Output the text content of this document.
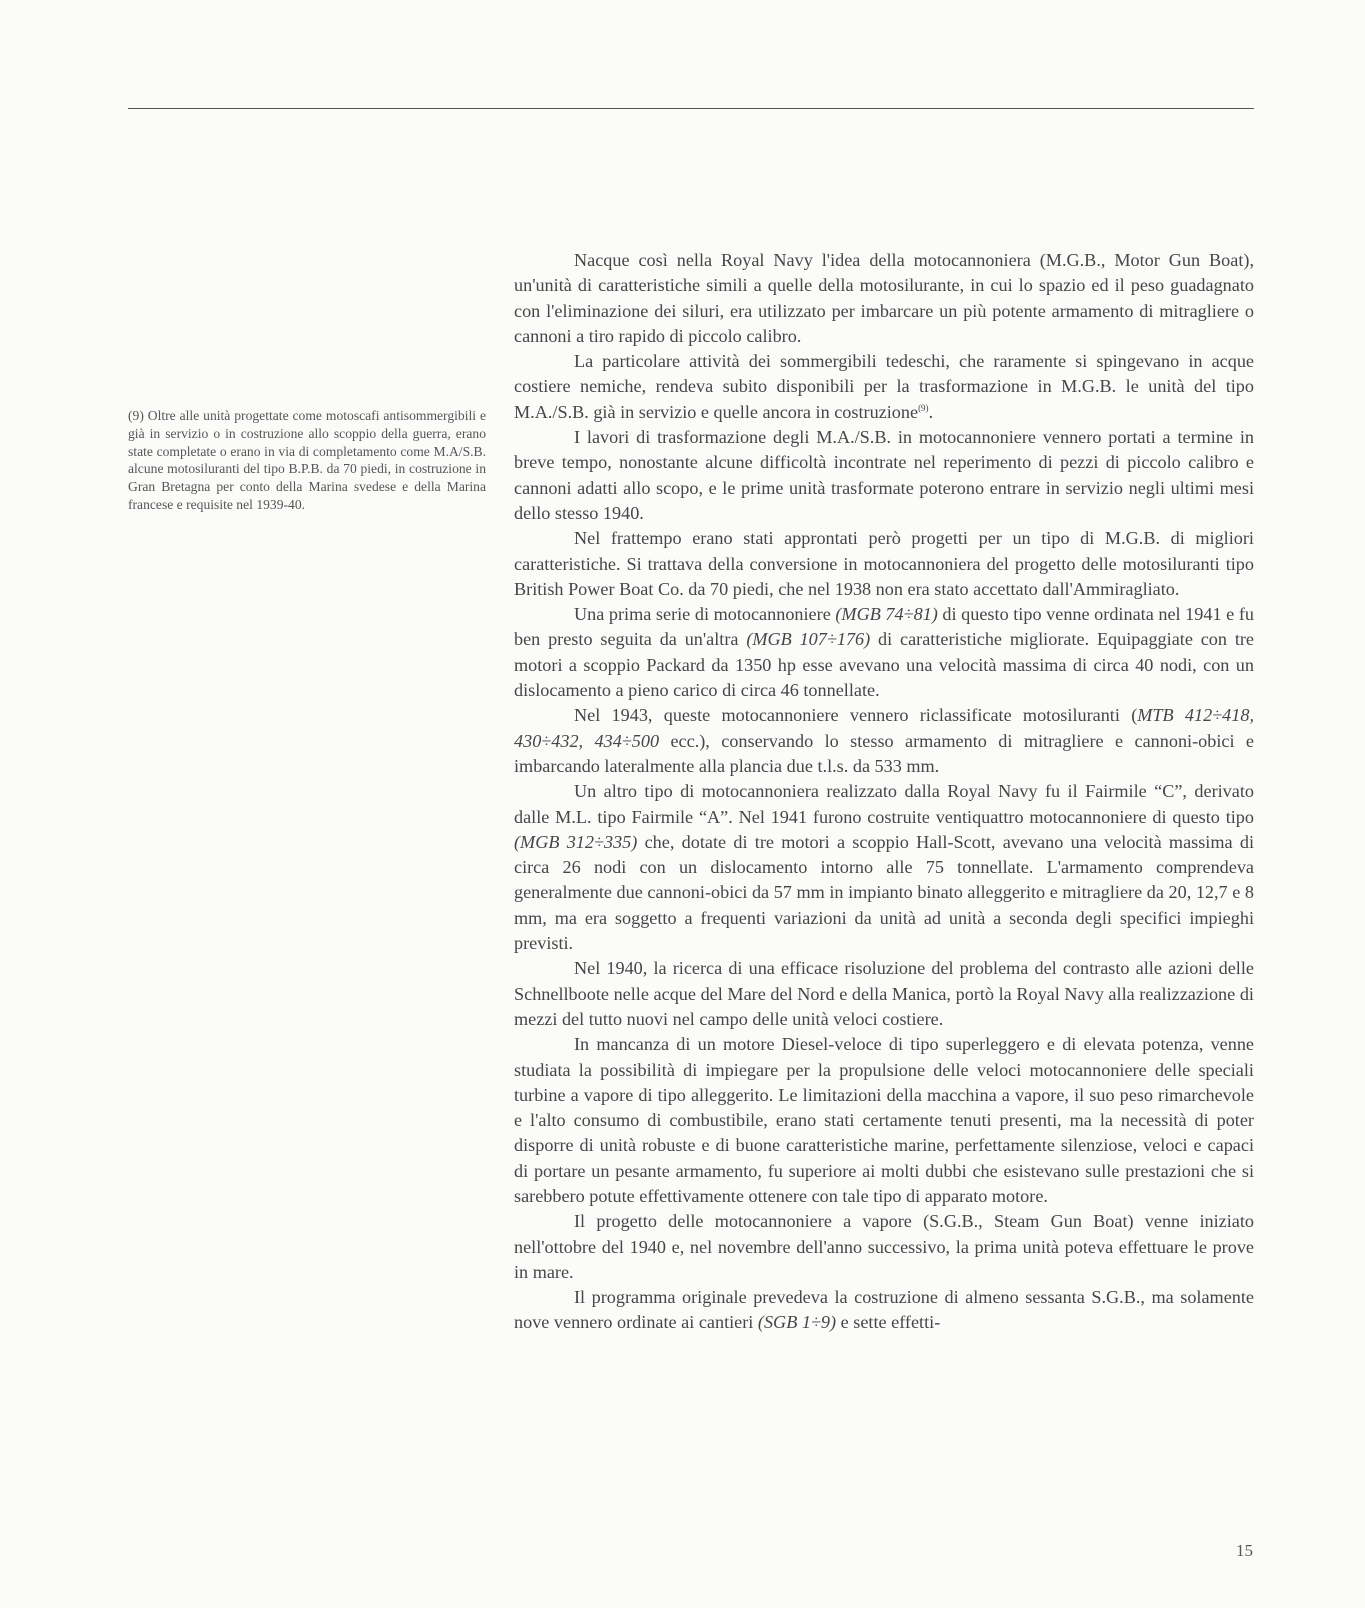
(9) Oltre alle unità progettate come motoscafi antisommergibili e già in servizio o in costruzione allo scoppio della guerra, erano state completate o erano in via di completamento come M.A/S.B. alcune motosiluranti del tipo B.P.B. da 70 piedi, in costruzione in Gran Bretagna per conto della Marina svedese e della Marina francese e requisite nel 1939-40.

Nacque così nella Royal Navy l'idea della motocannoniera (M.G.B., Motor Gun Boat), un'unità di caratteristiche simili a quelle della motosilurante, in cui lo spazio ed il peso guadagnato con l'eliminazione dei siluri, era utilizzato per imbarcare un più potente armamento di mitragliere o cannoni a tiro rapido di piccolo calibro.

La particolare attività dei sommergibili tedeschi, che raramente si spingevano in acque costiere nemiche, rendeva subito disponibili per la trasformazione in M.G.B. le unità del tipo M.A./S.B. già in servizio e quelle ancora in costruzione$^{(9)}$.

I lavori di trasformazione degli M.A./S.B. in motocannoniere vennero portati a termine in breve tempo, nonostante alcune difficoltà incontrate nel reperimento di pezzi di piccolo calibro e cannoni adatti allo scopo, e le prime unità trasformate poterono entrare in servizio negli ultimi mesi dello stesso 1940.

Nel frattempo erano stati approntati però progetti per un tipo di M.G.B. di migliori caratteristiche. Si trattava della conversione in motocannoniera del progetto delle motosiluranti tipo British Power Boat Co. da 70 piedi, che nel 1938 non era stato accettato dall'Ammiragliato.

Una prima serie di motocannoniere (MGB 74÷81) di questo tipo venne ordinata nel 1941 e fu ben presto seguita da un'altra (MGB 107÷176) di caratteristiche migliorate. Equipaggiate con tre motori a scoppio Packard da 1350 hp esse avevano una velocità massima di circa 40 nodi, con un dislocamento a pieno carico di circa 46 tonnellate.

Nel 1943, queste motocannoniere vennero riclassificate motosiluranti (MTB 412÷418, 430÷432, 434÷500 ecc.), conservando lo stesso armamento di mitragliere e cannoni-obici e imbarcando lateralmente alla plancia due t.l.s. da 533 mm.

Un altro tipo di motocannoniera realizzato dalla Royal Navy fu il Fairmile “C”, derivato dalle M.L. tipo Fairmile “A”. Nel 1941 furono costruite ventiquattro motocannoniere di questo tipo (MGB 312÷335) che, dotate di tre motori a scoppio Hall-Scott, avevano una velocità massima di circa 26 nodi con un dislocamento intorno alle 75 tonnellate. L'armamento comprendeva generalmente due cannoni-obici da 57 mm in impianto binato alleggerito e mitragliere da 20, 12,7 e 8 mm, ma era soggetto a frequenti variazioni da unità ad unità a seconda degli specifici impieghi previsti.

Nel 1940, la ricerca di una efficace risoluzione del problema del contrasto alle azioni delle Schnellboote nelle acque del Mare del Nord e della Manica, portò la Royal Navy alla realizzazione di mezzi del tutto nuovi nel campo delle unità veloci costiere.

In mancanza di un motore Diesel-veloce di tipo superleggero e di elevata potenza, venne studiata la possibilità di impiegare per la propulsione delle veloci motocannoniere delle speciali turbine a vapore di tipo alleggerito. Le limitazioni della macchina a vapore, il suo peso rimarchevole e l'alto consumo di combustibile, erano stati certamente tenuti presenti, ma la necessità di poter disporre di unità robuste e di buone caratteristiche marine, perfettamente silenziose, veloci e capaci di portare un pesante armamento, fu superiore ai molti dubbi che esistevano sulle prestazioni che si sarebbero potute effettivamente ottenere con tale tipo di apparato motore.

Il progetto delle motocannoniere a vapore (S.G.B., Steam Gun Boat) venne iniziato nell'ottobre del 1940 e, nel novembre dell'anno successivo, la prima unità poteva effettuare le prove in mare.

Il programma originale prevedeva la costruzione di almeno sessanta S.G.B., ma solamente nove vennero ordinate ai cantieri (SGB 1÷9) e sette effetti-

15
